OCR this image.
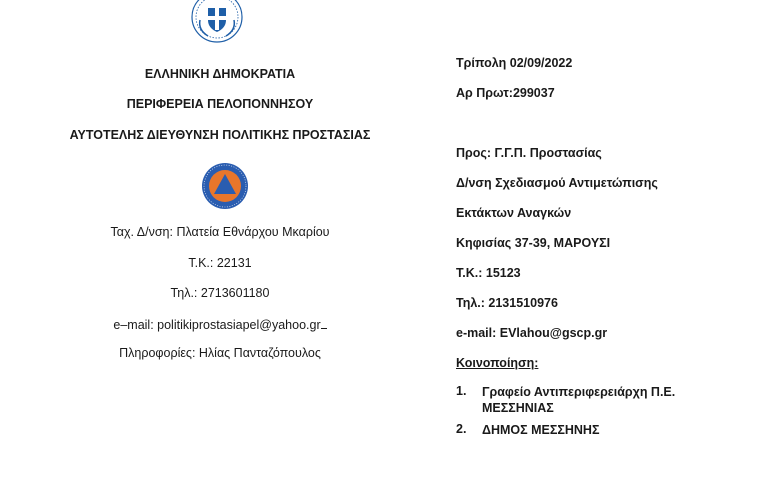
ΕΛΛΗΝΙΚΗ ΔΗΜΟΚΡΑΤΙΑ
ΠΕΡΙΦΕΡΕΙΑ ΠΕΛΟΠΟΝΝΗΣΟΥ
ΑΥΤΟΤΕΛΗΣ ΔΙΕΥΘΥΝΣΗ ΠΟΛΙΤΙΚΗΣ ΠΡΟΣΤΑΣΙΑΣ
Ταχ. Δ/νση: Πλατεία Εθνάρχου Μκαρίου
Τ.Κ.: 22131
Τηλ.: 2713601180
e–mail: politikiprostasiapel@yahoo.gr
Πληροφορίες: Ηλίας Πανταζόπουλος
Τρίπολη 02/09/2022
Αρ Πρωτ:299037
Προς: Γ.Γ.Π. Προστασίας
Δ/νση Σχεδιασμού Αντιμετώπισης
Εκτάκτων Αναγκών
Κηφισίας 37-39, ΜΑΡΟΥΣΙ
Τ.Κ.: 15123
Τηλ.: 2131510976
e-mail: EVlahou@gscp.gr
Κοινοποίηση:
1.	Γραφείο Αντιπεριφερειάρχη Π.Ε. ΜΕΣΣΗΝΙΑΣ
2.	ΔΗΜΟΣ ΜΕΣΣΗΝΗΣ
